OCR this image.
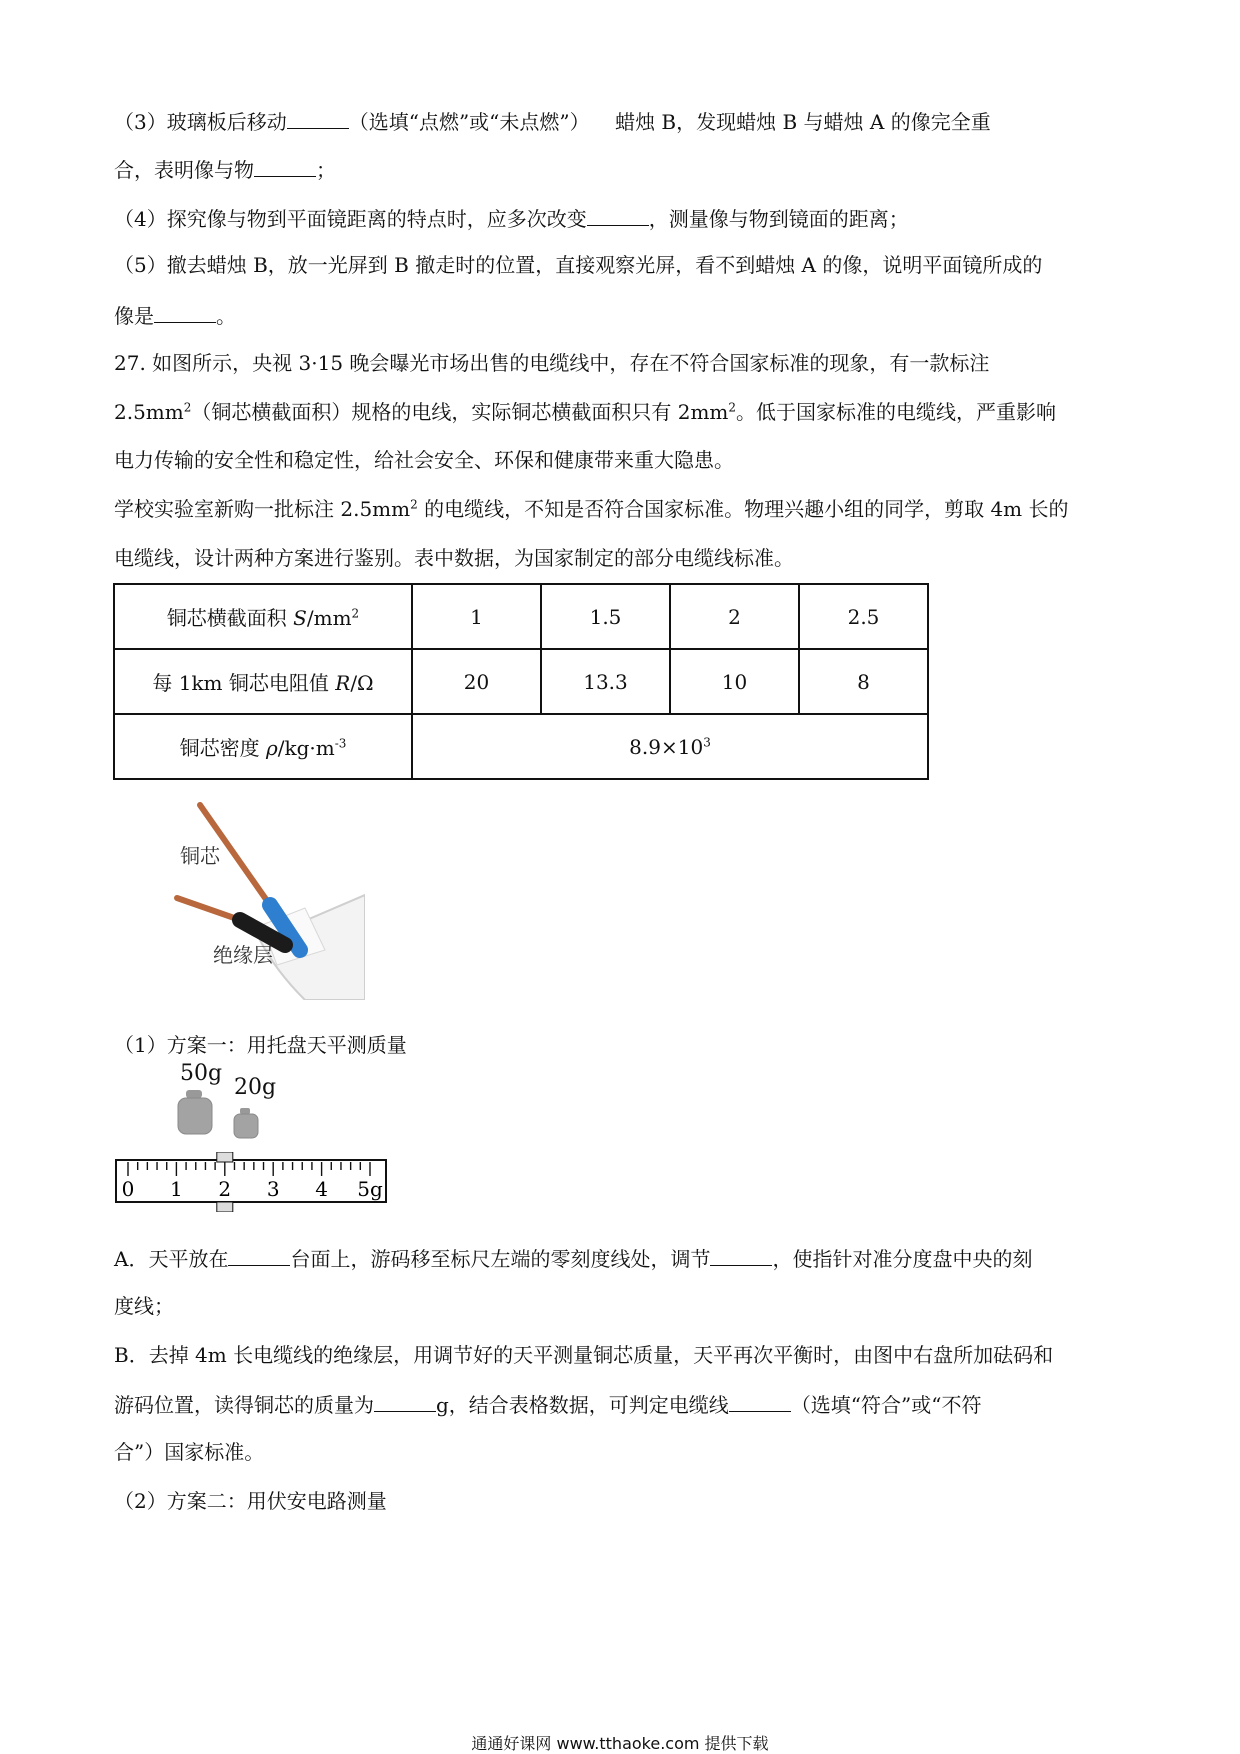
（3）玻璃板后移动	（选填“点燃”或“未点燃”） 蜡烛 B，发现蜡烛 B 与蜡烛 A 的像完全重
合，表明像与物	；
（4）探究像与物到平面镜距离的特点时，应多次改变	，测量像与物到镜面的距离；
（5）撤去蜡烛 B，放一光屏到 B 撤走时的位置，直接观察光屏，看不到蜡烛 A 的像，说明平面镜所成的
像是	。
27. 如图所示，央视 3·15 晚会曝光市场出售的电缆线中，存在不符合国家标准的现象，有一款标注
$2.5mm^2$（铜芯横截面积）规格的电线，实际铜芯横截面积只有 $2mm^2$。低于国家标准的电缆线，严重影响
电力传输的安全性和稳定性，给社会安全、环保和健康带来重大隐患。
学校实验室新购一批标注 $2.5mm^2$ 的电缆线，不知是否符合国家标准。物理兴趣小组的同学，剪取 4m 长的
电缆线，设计两种方案进行鉴别。表中数据，为国家制定的部分电缆线标准。
铜芯横截面积 $S/mm^2$	1	1.5	2	2.5
每 1km 铜芯电阻值 R/Ω	20	13.3	10	8
铜芯密度 $\rho/kg\cdot m^{-3}$	$8.9\times 10^3$
铜芯
绝缘层
（1）方案一：用托盘天平测质量
50g
20g
0 1 2 3 4 5g
A．天平放在	台面上，游码移至标尺左端的零刻度线处，调节	，使指针对准分度盘中央的刻
度线；
B．去掉 4m 长电缆线的绝缘层，用调节好的天平测量铜芯质量，天平再次平衡时，由图中右盘所加砝码和
游码位置，读得铜芯的质量为	g，结合表格数据，可判定电缆线	（选填“符合”或“不符
合”）国家标准。
（2）方案二：用伏安电路测量
通通好课网 www.tthaoke.com 提供下载
